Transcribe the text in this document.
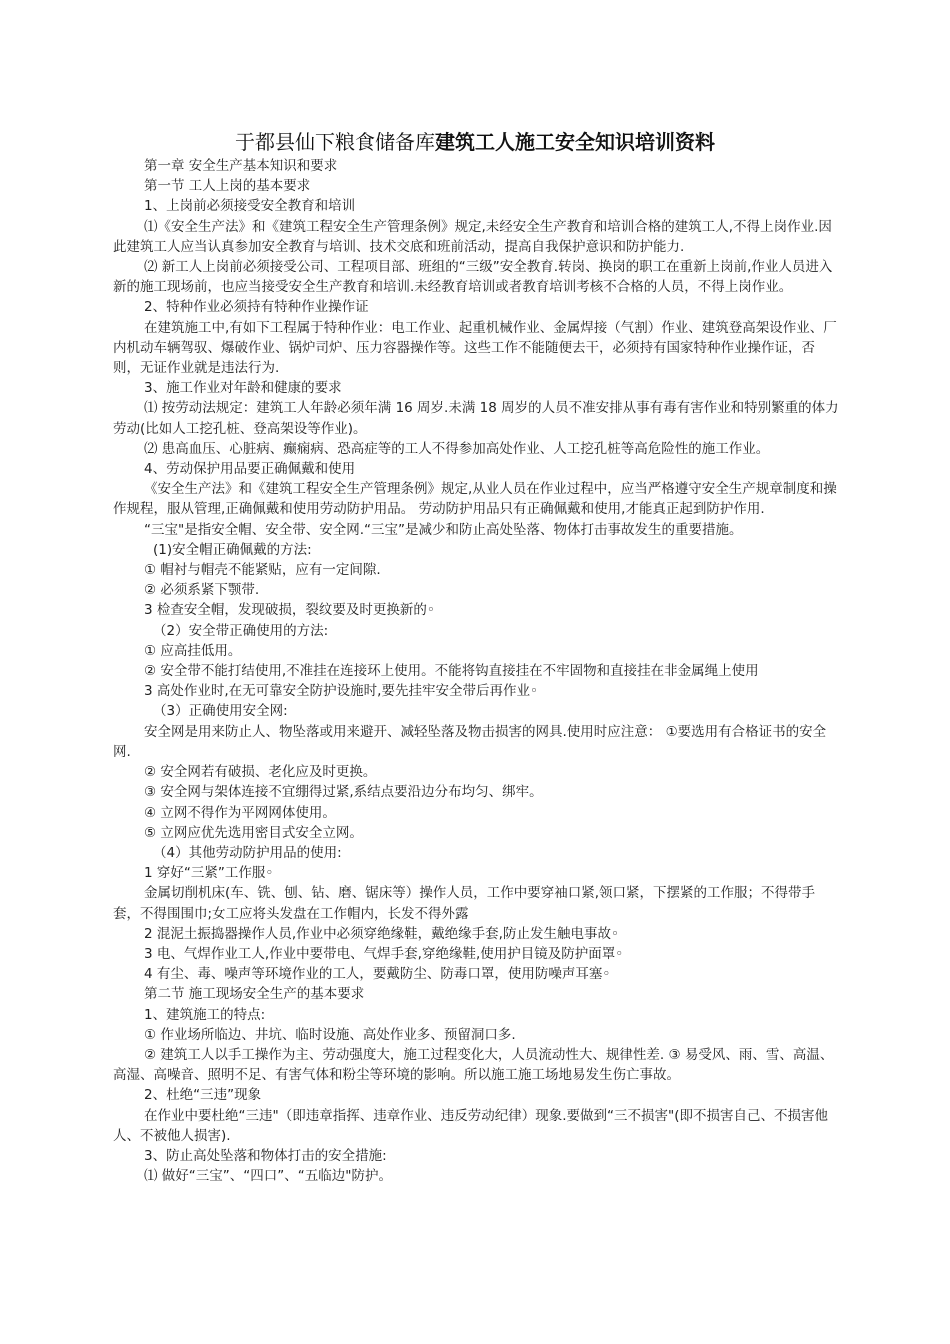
于都县仙下粮食储备库建筑工人施工安全知识培训资料

第一章 安全生产基本知识和要求

第一节 工人上岗的基本要求

1、上岗前必须接受安全教育和培训

⑴《安全生产法》和《建筑工程安全生产管理条例》规定,未经安全生产教育和培训合格的建筑工人,不得上岗作业.因此建筑工人应当认真参加安全教育与培训、技术交底和班前活动，提高自我保护意识和防护能力.

⑵ 新工人上岗前必须接受公司、工程项目部、班组的“三级”安全教育.转岗、换岗的职工在重新上岗前,作业人员进入新的施工现场前，也应当接受安全生产教育和培训.未经教育培训或者教育培训考核不合格的人员，不得上岗作业。

2、特种作业必须持有特种作业操作证

在建筑施工中,有如下工程属于特种作业：电工作业、起重机械作业、金属焊接（气割）作业、建筑登高架设作业、厂内机动车辆驾驭、爆破作业、锅炉司炉、压力容器操作等。这些工作不能随便去干，必须持有国家特种作业操作证，否则，无证作业就是违法行为.

3、施工作业对年龄和健康的要求

⑴ 按劳动法规定：建筑工人年龄必须年满 16 周岁.未满 18 周岁的人员不准安排从事有毒有害作业和特别繁重的体力劳动(比如人工挖孔桩、登高架设等作业)。

⑵ 患高血压、心脏病、癫痫病、恐高症等的工人不得参加高处作业、人工挖孔桩等高危险性的施工作业。

4、劳动保护用品要正确佩戴和使用

《安全生产法》和《建筑工程安全生产管理条例》规定,从业人员在作业过程中，应当严格遵守安全生产规章制度和操作规程，服从管理,正确佩戴和使用劳动防护用品。 劳动防护用品只有正确佩戴和使用,才能真正起到防护作用.

“三宝"是指安全帽、安全带、安全网.“三宝”是减少和防止高处坠落、物体打击事故发生的重要措施。

(1)安全帽正确佩戴的方法:

① 帽衬与帽壳不能紧贴，应有一定间隙.

② 必须系紧下颚带.

3 检查安全帽，发现破损，裂纹要及时更换新的◦

（2）安全带正确使用的方法:

① 应高挂低用。

② 安全带不能打结使用,不准挂在连接环上使用。不能将钩直接挂在不牢固物和直接挂在非金属绳上使用

3 高处作业时,在无可靠安全防护设施时,要先挂牢安全带后再作业◦

（3）正确使用安全网:

安全网是用来防止人、物坠落或用来避开、减轻坠落及物击损害的网具.使用时应注意： ①要选用有合格证书的安全网.

② 安全网若有破损、老化应及时更换。

③ 安全网与架体连接不宜绷得过紧,系结点要沿边分布均匀、绑牢。

④ 立网不得作为平网网体使用。

⑤ 立网应优先选用密目式安全立网。

（4）其他劳动防护用品的使用:

1 穿好“三紧”工作服◦

金属切削机床(车、铣、刨、钻、磨、锯床等）操作人员，工作中要穿袖口紧,领口紧，下摆紧的工作服；不得带手套，不得围围巾;女工应将头发盘在工作帽内，长发不得外露

2 混泥土振捣器操作人员,作业中必须穿绝缘鞋，戴绝缘手套,防止发生触电事故◦

3 电、气焊作业工人,作业中要带电、气焊手套,穿绝缘鞋,使用护目镜及防护面罩◦

4 有尘、毒、噪声等环境作业的工人，要戴防尘、防毒口罩，使用防噪声耳塞◦

第二节 施工现场安全生产的基本要求

1、建筑施工的特点:

① 作业场所临边、井坑、临时设施、高处作业多、预留洞口多.

② 建筑工人以手工操作为主、劳动强度大，施工过程变化大，人员流动性大、规律性差. ③ 易受风、雨、雪、高温、高湿、高噪音、照明不足、有害气体和粉尘等环境的影响。所以施工施工场地易发生伤亡事故。

2、杜绝“三违”现象

在作业中要杜绝“三违"（即违章指挥、违章作业、违反劳动纪律）现象.要做到“三不损害"(即不损害自己、不损害他人、不被他人损害).

3、防止高处坠落和物体打击的安全措施:

⑴ 做好“三宝”、“四口”、“五临边"防护。
